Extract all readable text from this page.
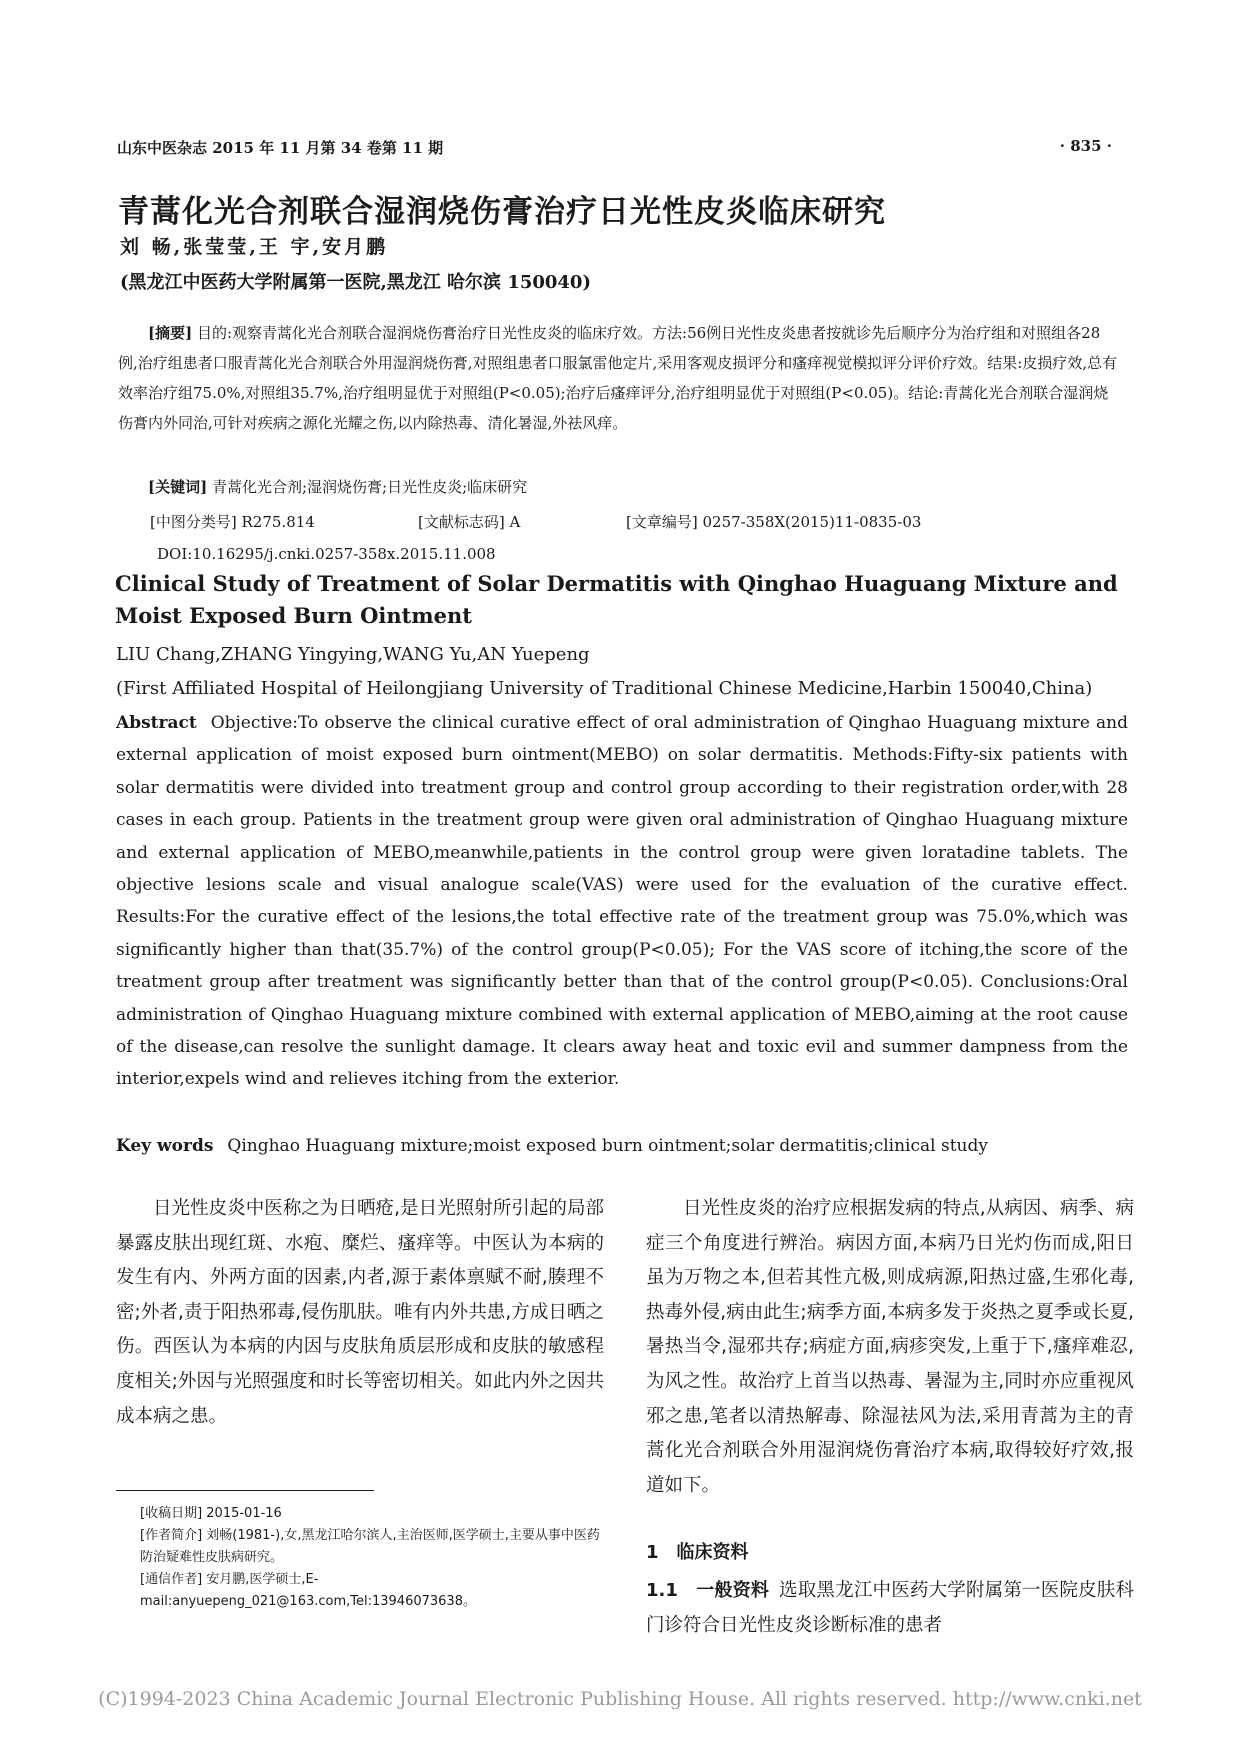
山东中医杂志 2015 年 11 月第 34 卷第 11 期	· 835 ·
青蒿化光合剂联合湿润烧伤膏治疗日光性皮炎临床研究
刘 畅,张莹莹,王 宇,安月鹏
(黑龙江中医药大学附属第一医院,黑龙江 哈尔滨 150040)
[摘要] 目的:观察青蒿化光合剂联合湿润烧伤膏治疗日光性皮炎的临床疗效。方法:56例日光性皮炎患者按就诊先后顺序分为治疗组和对照组各28例,治疗组患者口服青蒿化光合剂联合外用湿润烧伤膏,对照组患者口服氯雷他定片,采用客观皮损评分和瘙痒视觉模拟评分评价疗效。结果:皮损疗效,总有效率治疗组75.0%,对照组35.7%,治疗组明显优于对照组(P<0.05);治疗后瘙痒评分,治疗组明显优于对照组(P<0.05)。结论:青蒿化光合剂联合湿润烧伤膏内外同治,可针对疾病之源化光耀之伤,以内除热毒、清化暑湿,外祛风痒。
[关键词] 青蒿化光合剂;湿润烧伤膏;日光性皮炎;临床研究
[中图分类号] R275.814	[文献标志码] A	[文章编号] 0257-358X(2015)11-0835-03
DOI:10.16295/j.cnki.0257-358x.2015.11.008
Clinical Study of Treatment of Solar Dermatitis with Qinghao Huaguang Mixture and Moist Exposed Burn Ointment
LIU Chang,ZHANG Yingying,WANG Yu,AN Yuepeng
(First Affiliated Hospital of Heilongjiang University of Traditional Chinese Medicine,Harbin 150040,China)
Abstract Objective:To observe the clinical curative effect of oral administration of Qinghao Huaguang mixture and external application of moist exposed burn ointment(MEBO) on solar dermatitis. Methods:Fifty-six patients with solar dermatitis were divided into treatment group and control group according to their registration order,with 28 cases in each group. Patients in the treatment group were given oral administration of Qinghao Huaguang mixture and external application of MEBO,meanwhile,patients in the control group were given loratadine tablets. The objective lesions scale and visual analogue scale(VAS) were used for the evaluation of the curative effect. Results:For the curative effect of the lesions,the total effective rate of the treatment group was 75.0%,which was significantly higher than that(35.7%) of the control group(P<0.05); For the VAS score of itching,the score of the treatment group after treatment was significantly better than that of the control group(P<0.05). Conclusions:Oral administration of Qinghao Huaguang mixture combined with external application of MEBO,aiming at the root cause of the disease,can resolve the sunlight damage. It clears away heat and toxic evil and summer dampness from the interior,expels wind and relieves itching from the exterior.
Key words Qinghao Huaguang mixture;moist exposed burn ointment;solar dermatitis;clinical study

日光性皮炎中医称之为日晒疮,是日光照射所引起的局部暴露皮肤出现红斑、水疱、糜烂、瘙痒等。中医认为本病的发生有内、外两方面的因素,内者,源于素体禀赋不耐,腠理不密;外者,责于阳热邪毒,侵伤肌肤。唯有内外共患,方成日晒之伤。西医认为本病的内因与皮肤角质层形成和皮肤的敏感程度相关;外因与光照强度和时长等密切相关。如此内外之因共成本病之患。

日光性皮炎的治疗应根据发病的特点,从病因、病季、病症三个角度进行辨治。病因方面,本病乃日光灼伤而成,阳日虽为万物之本,但若其性亢极,则成病源,阳热过盛,生邪化毒,热毒外侵,病由此生;病季方面,本病多发于炎热之夏季或长夏,暑热当令,湿邪共存;病症方面,病疹突发,上重于下,瘙痒难忍,为风之性。故治疗上首当以热毒、暑湿为主,同时亦应重视风邪之患,笔者以清热解毒、除湿祛风为法,采用青蒿为主的青蒿化光合剂联合外用湿润烧伤膏治疗本病,取得较好疗效,报道如下。

1　临床资料
1.1　一般资料 选取黑龙江中医药大学附属第一医院皮肤科门诊符合日光性皮炎诊断标准的患者
[收稿日期] 2015-01-16
[作者简介] 刘畅(1981-),女,黑龙江哈尔滨人,主治医师,医学硕士,主要从事中医药防治疑难性皮肤病研究。
[通信作者] 安月鹏,医学硕士,E-mail:anyuepeng_021@163.com,Tel:13946073638。
(C)1994-2023 China Academic Journal Electronic Publishing House. All rights reserved. http://www.cnki.net
